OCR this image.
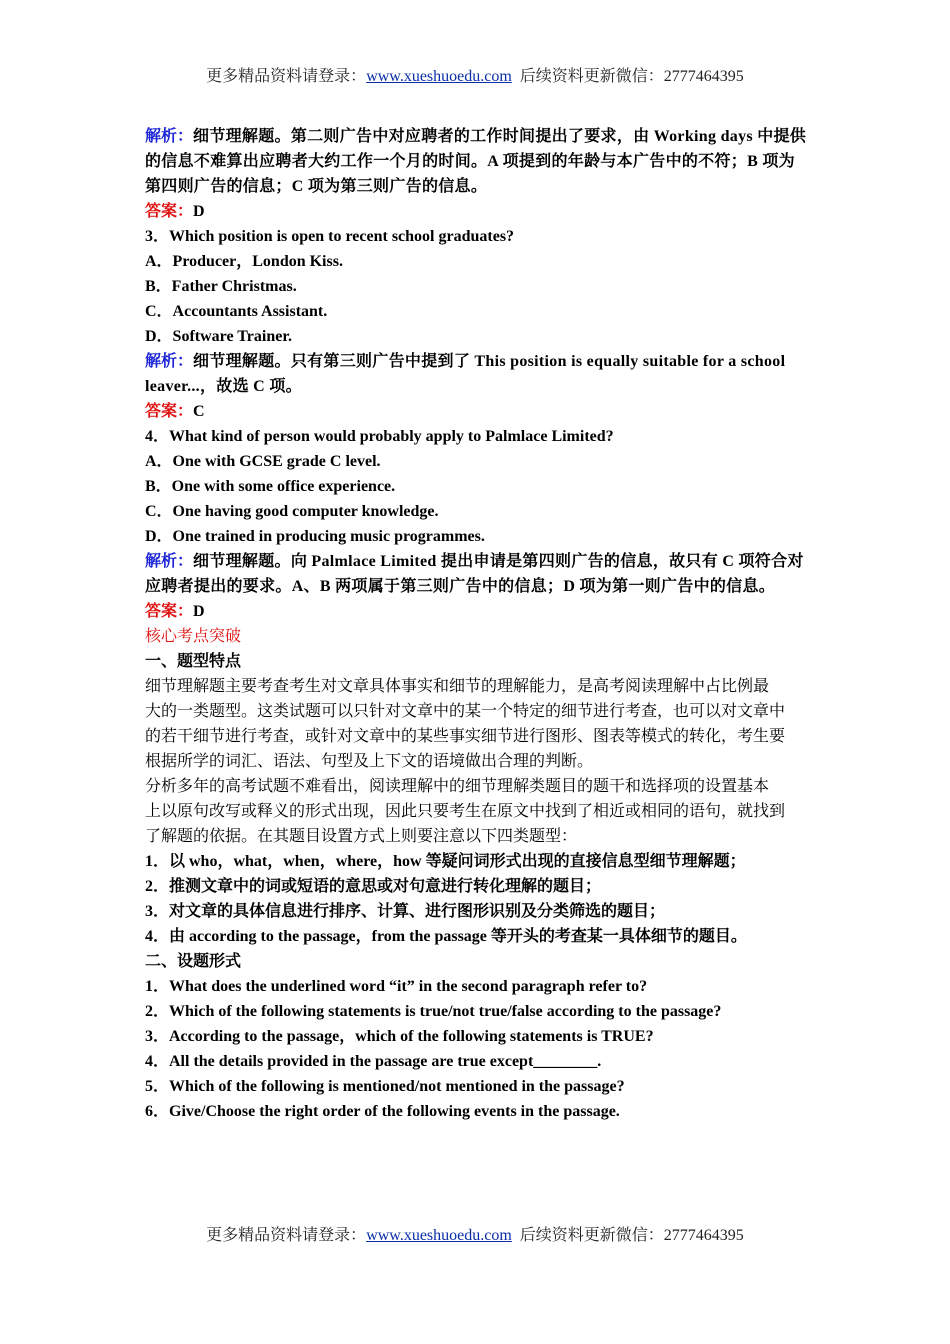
更多精品资料请登录：www.xueshuoedu.com  后续资料更新微信：2777464395
解析：细节理解题。第二则广告中对应聘者的工作时间提出了要求，由 Working days 中提供
的信息不难算出应聘者大约工作一个月的时间。A 项提到的年龄与本广告中的不符；B 项为
第四则广告的信息；C 项为第三则广告的信息。
答案：D
3．Which position is open to recent school graduates?
A．Producer，London Kiss.
B．Father Christmas.
C．Accountants Assistant.
D．Software Trainer.
解析：细节理解题。只有第三则广告中提到了 This position is equally suitable for a school
leaver...，故选 C 项。
答案：C
4．What kind of person would probably apply to Palmlace Limited?
A．One with GCSE grade C level.
B．One with some office experience.
C．One having good computer knowledge.
D．One trained in producing music programmes.
解析：细节理解题。向 Palmlace Limited 提出申请是第四则广告的信息，故只有 C 项符合对
应聘者提出的要求。A、B 两项属于第三则广告中的信息；D 项为第一则广告中的信息。
答案：D
核心考点突破
一、题型特点
细节理解题主要考查考生对文章具体事实和细节的理解能力，是高考阅读理解中占比例最
大的一类题型。这类试题可以只针对文章中的某一个特定的细节进行考查，也可以对文章中
的若干细节进行考查，或针对文章中的某些事实细节进行图形、图表等模式的转化，考生要
根据所学的词汇、语法、句型及上下文的语境做出合理的判断。
分析多年的高考试题不难看出，阅读理解中的细节理解类题目的题干和选择项的设置基本
上以原句改写或释义的形式出现，因此只要考生在原文中找到了相近或相同的语句，就找到
了解题的依据。在其题目设置方式上则要注意以下四类题型：
1．以 who，what，when，where，how 等疑问词形式出现的直接信息型细节理解题；
2．推测文章中的词或短语的意思或对句意进行转化理解的题目；
3．对文章的具体信息进行排序、计算、进行图形识别及分类筛选的题目；
4．由 according to the passage，from the passage 等开头的考查某一具体细节的题目。
二、设题形式
1．What does the underlined word “it” in the second paragraph refer to?
2．Which of the following statements is true/not true/false according to the passage?
3．According to the passage，which of the following statements is TRUE?
4．All the details provided in the passage are true except________.
5．Which of the following is mentioned/not mentioned in the passage?
6．Give/Choose the right order of the following events in the passage.
更多精品资料请登录：www.xueshuoedu.com  后续资料更新微信：2777464395
